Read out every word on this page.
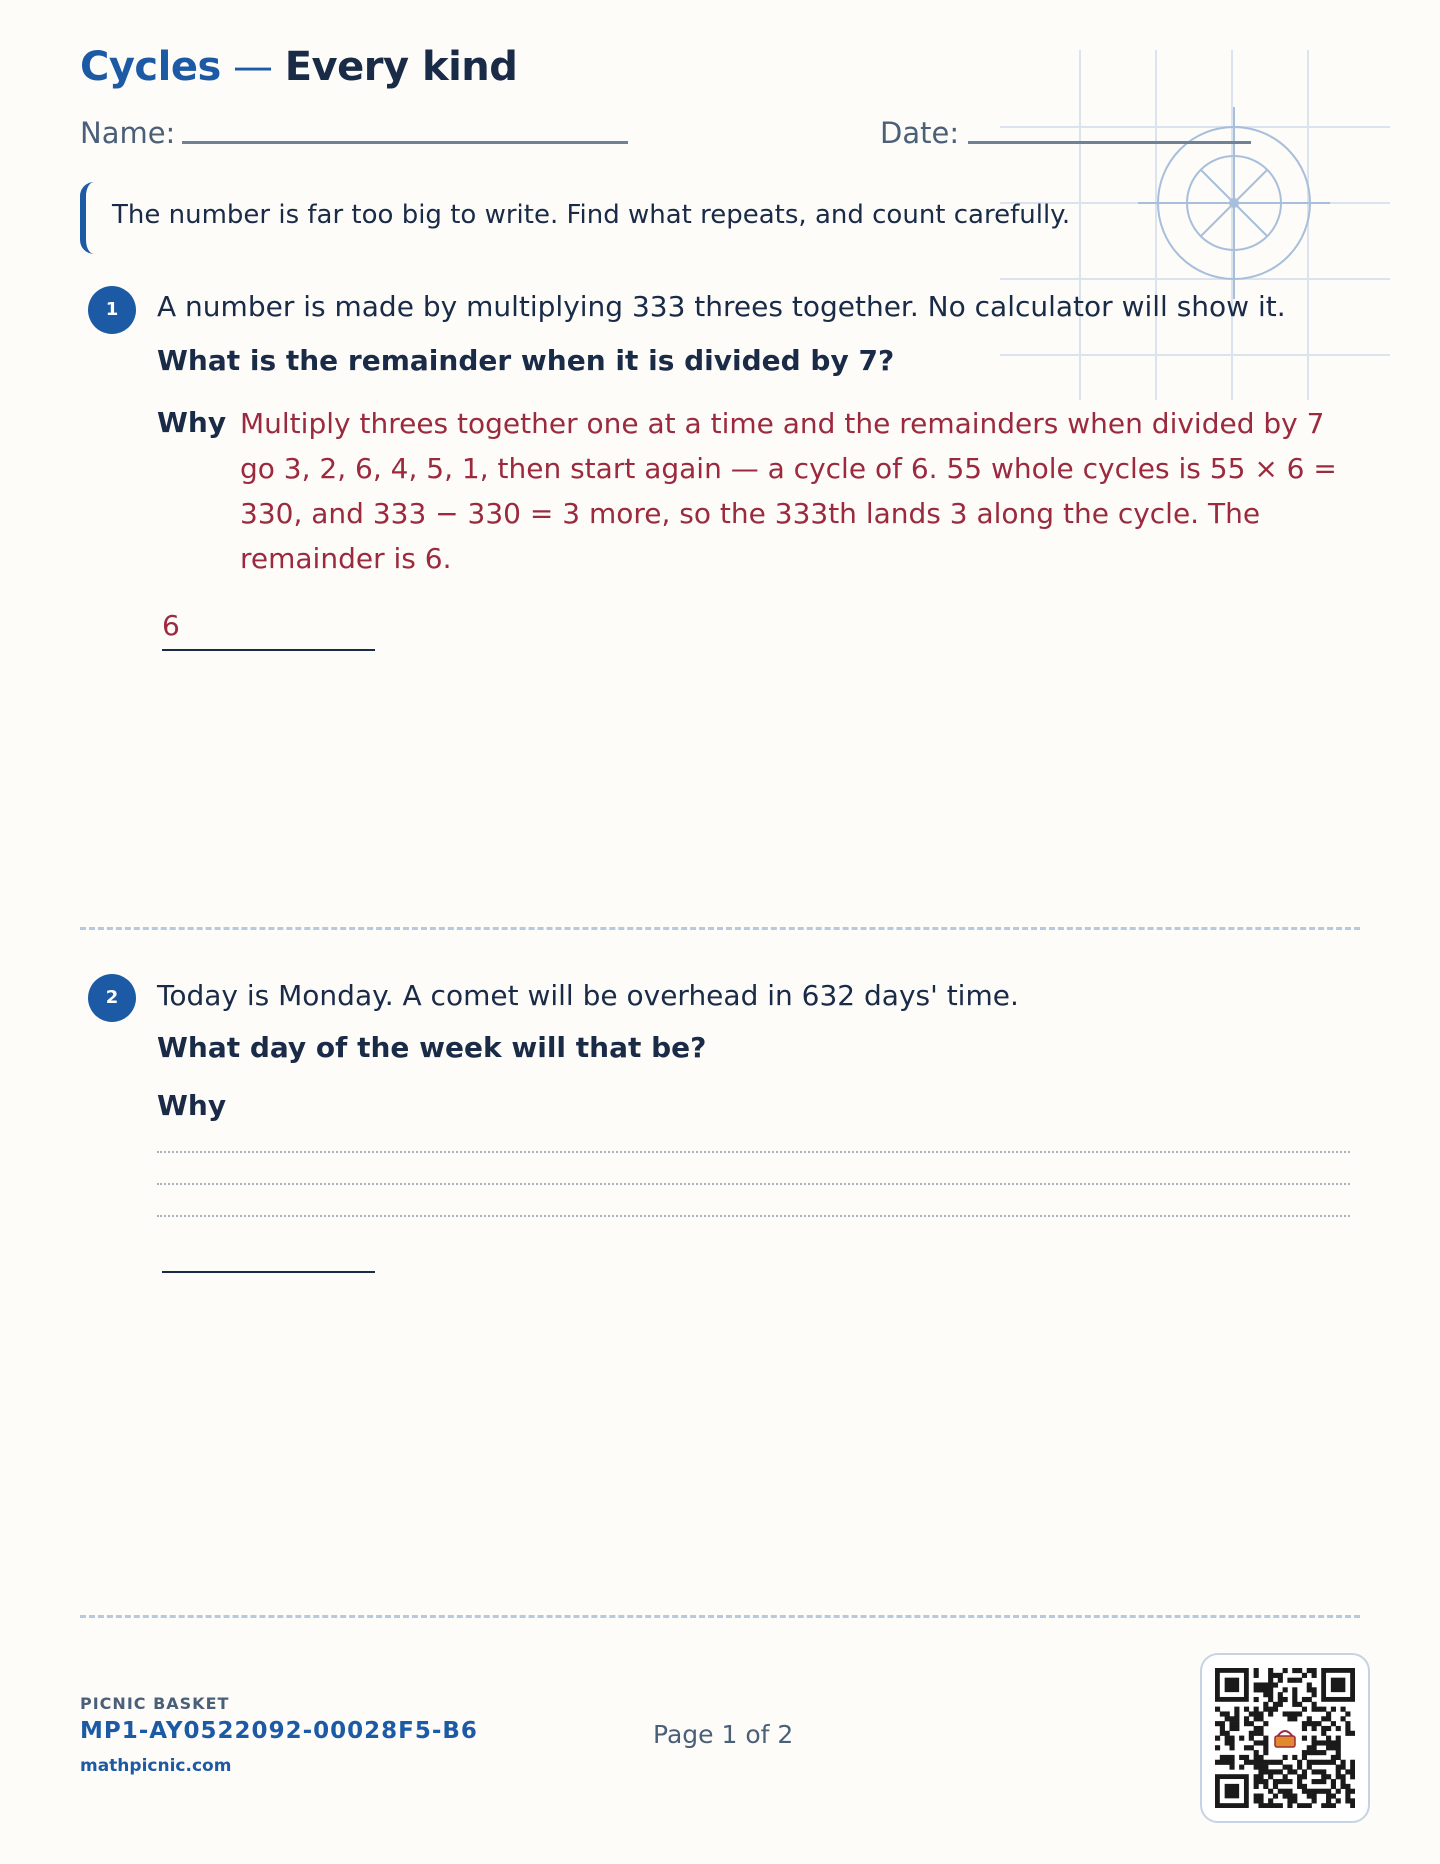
Cycles — Every kind
Name:	Date:
The number is far too big to write. Find what repeats, and count carefully.
1	A number is made by multiplying 333 threes together. No calculator will show it.
What is the remainder when it is divided by 7?
Why Multiply threes together one at a time and the remainders when divided by 7 go 3, 2, 6, 4, 5, 1, then start again — a cycle of 6. 55 whole cycles is 55 × 6 = 330, and 333 − 330 = 3 more, so the 333th lands 3 along the cycle. The remainder is 6.
6
2	Today is Monday. A comet will be overhead in 632 days' time.
What day of the week will that be?
Why
PICNIC BASKET
MP1-AY0522092-00028F5-B6
mathpicnic.com
Page 1 of 2
